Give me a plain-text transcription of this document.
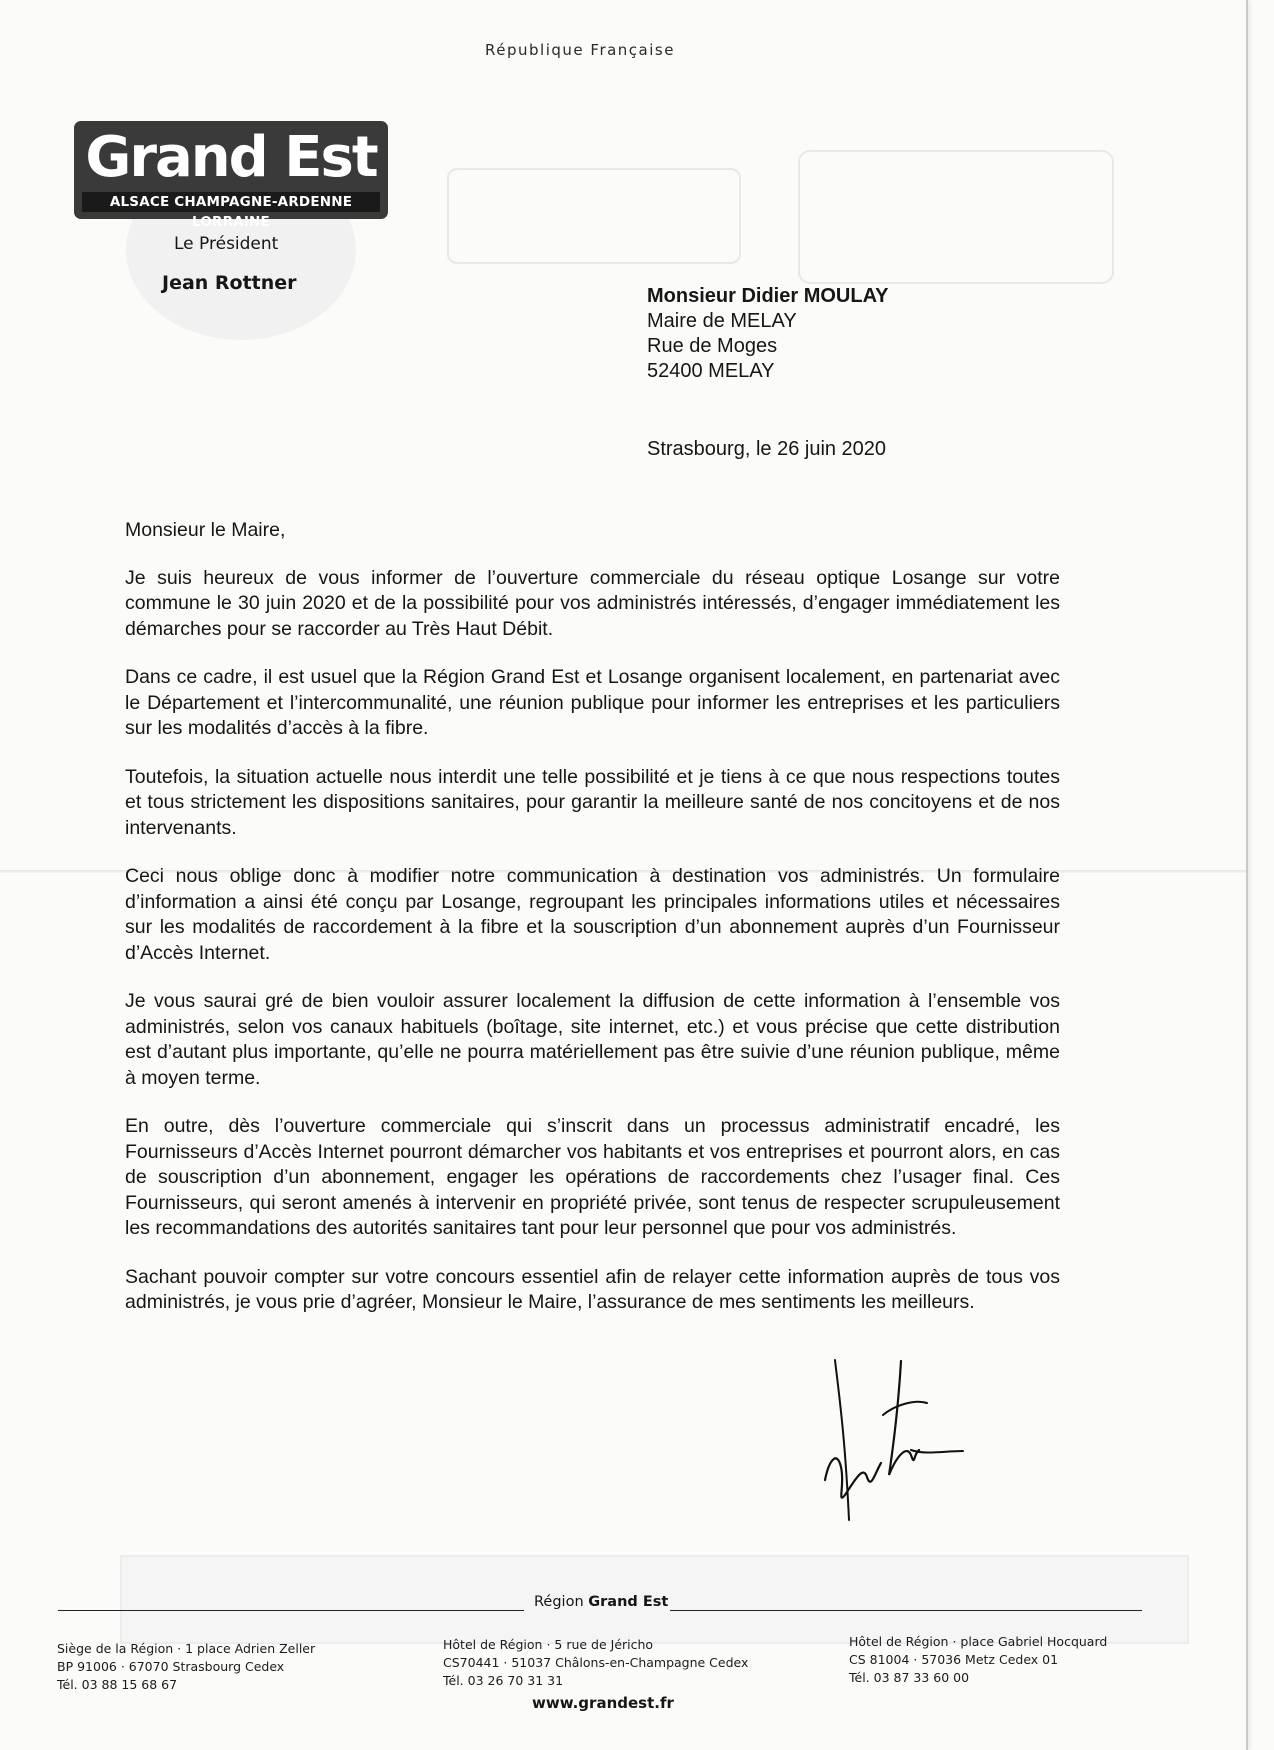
République Française
Grand Est
ALSACE CHAMPAGNE-ARDENNE LORRAINE
Le Président
Jean Rottner
Monsieur Didier MOULAY
Maire de MELAY
Rue de Moges
52400 MELAY
Strasbourg, le 26 juin 2020

Monsieur le Maire,

Je suis heureux de vous informer de l’ouverture commerciale du réseau optique Losange sur votre commune le 30 juin 2020 et de la possibilité pour vos administrés intéressés, d’engager immédiatement les démarches pour se raccorder au Très Haut Débit.

Dans ce cadre, il est usuel que la Région Grand Est et Losange organisent localement, en partenariat avec le Département et l’intercommunalité, une réunion publique pour informer les entreprises et les particuliers sur les modalités d’accès à la fibre.

Toutefois, la situation actuelle nous interdit une telle possibilité et je tiens à ce que nous respections toutes et tous strictement les dispositions sanitaires, pour garantir la meilleure santé de nos concitoyens et de nos intervenants.

Ceci nous oblige donc à modifier notre communication à destination vos administrés. Un formulaire d’information a ainsi été conçu par Losange, regroupant les principales informations utiles et nécessaires sur les modalités de raccordement à la fibre et la souscription d’un abonnement auprès d’un Fournisseur d’Accès Internet.

Je vous saurai gré de bien vouloir assurer localement la diffusion de cette information à l’ensemble vos administrés, selon vos canaux habituels (boîtage, site internet, etc.) et vous précise que cette distribution est d’autant plus importante, qu’elle ne pourra matériellement pas être suivie d’une réunion publique, même à moyen terme.

En outre, dès l’ouverture commerciale qui s’inscrit dans un processus administratif encadré, les Fournisseurs d’Accès Internet pourront démarcher vos habitants et vos entreprises et pourront alors, en cas de souscription d’un abonnement, engager les opérations de raccordements chez l’usager final. Ces Fournisseurs, qui seront amenés à intervenir en propriété privée, sont tenus de respecter scrupuleusement les recommandations des autorités sanitaires tant pour leur personnel que pour vos administrés.

Sachant pouvoir compter sur votre concours essentiel afin de relayer cette information auprès de tous vos administrés, je vous prie d’agréer, Monsieur le Maire, l’assurance de mes sentiments les meilleurs.

Région Grand Est
Siège de la Région · 1 place Adrien Zeller
BP 91006 · 67070 Strasbourg Cedex
Tél. 03 88 15 68 67
Hôtel de Région · 5 rue de Jéricho
CS70441 · 51037 Châlons-en-Champagne Cedex
Tél. 03 26 70 31 31
Hôtel de Région · place Gabriel Hocquard
CS 81004 · 57036 Metz Cedex 01
Tél. 03 87 33 60 00
www.grandest.fr
